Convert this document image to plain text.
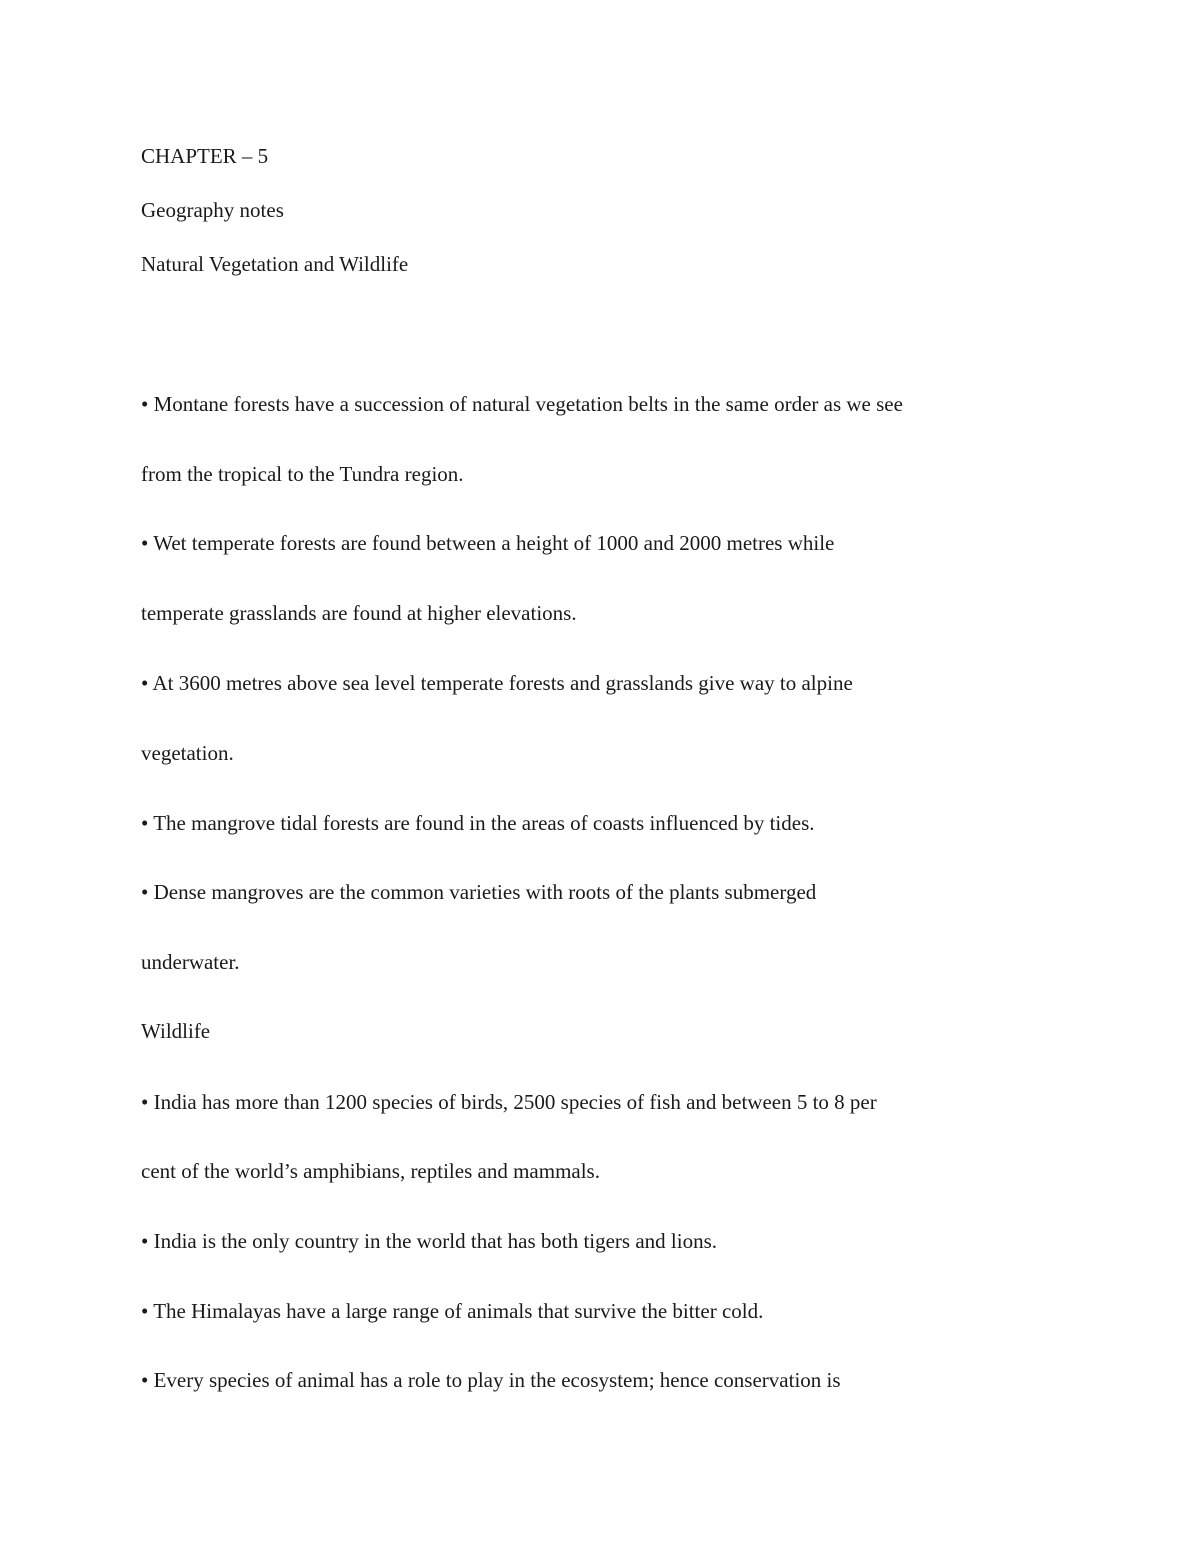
CHAPTER – 5
Geography notes
Natural Vegetation and Wildlife
• Montane forests have a succession of natural vegetation belts in the same order as we see
from the tropical to the Tundra region.
• Wet temperate forests are found between a height of 1000 and 2000 metres while
temperate grasslands are found at higher elevations.
• At 3600 metres above sea level temperate forests and grasslands give way to alpine
vegetation.
• The mangrove tidal forests are found in the areas of coasts influenced by tides.
• Dense mangroves are the common varieties with roots of the plants submerged
underwater.
Wildlife
• India has more than 1200 species of birds, 2500 species of fish and between 5 to 8 per
cent of the world’s amphibians, reptiles and mammals.
• India is the only country in the world that has both tigers and lions.
• The Himalayas have a large range of animals that survive the bitter cold.
• Every species of animal has a role to play in the ecosystem; hence conservation is
